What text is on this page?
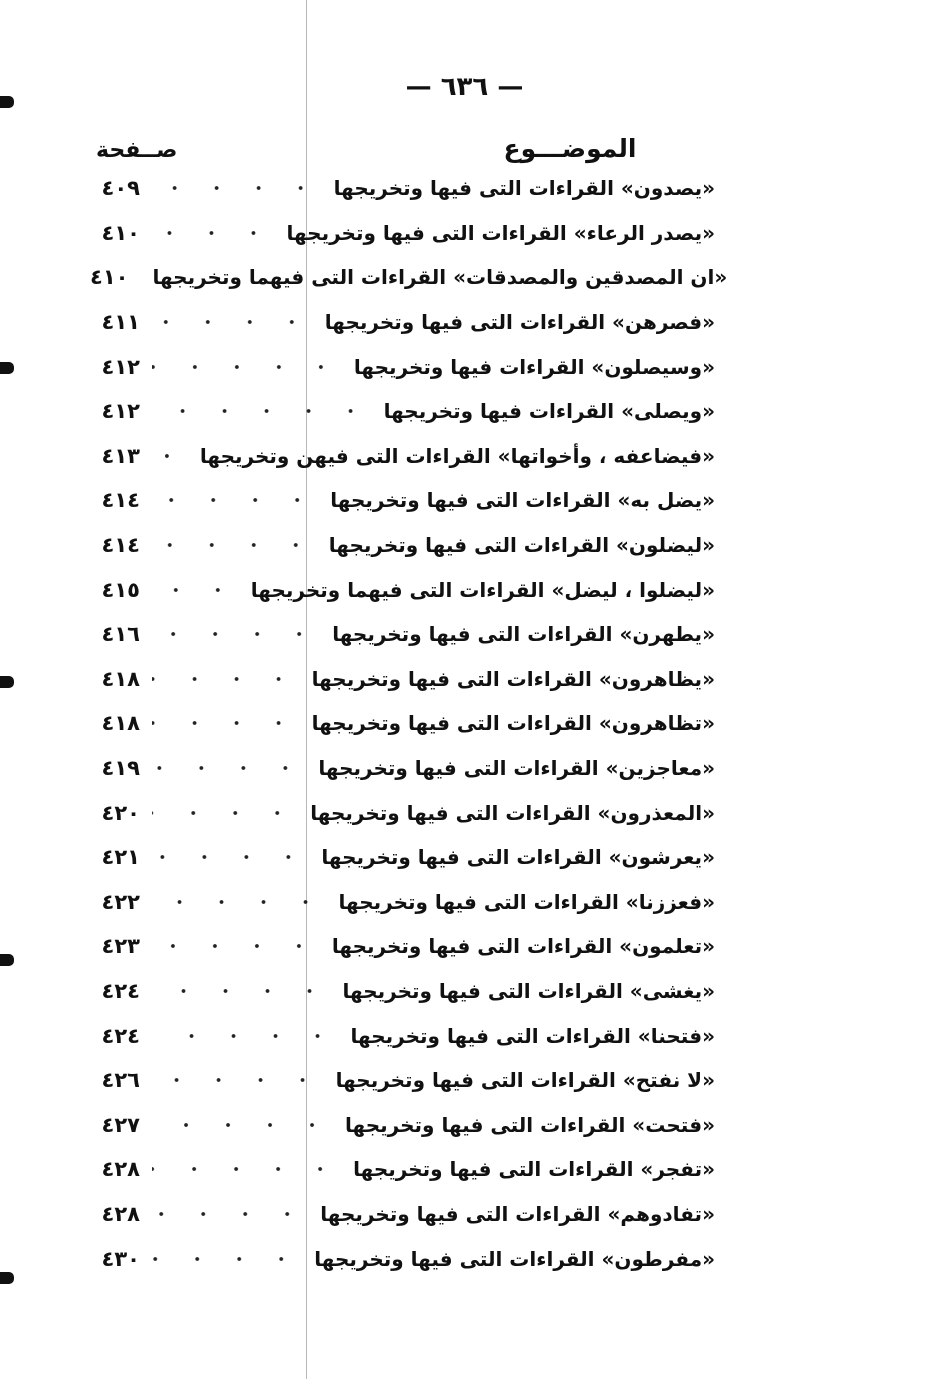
— ٦٣٦ —
الموضـــوع
صــفحة
٤٠٩	«يصدون» القراءات التى فيها وتخريجها
٤١٠	«يصدر الرعاء» القراءات التى فيها وتخريجها
٤١٠ «ان المصدقين والمصدقات» القراءات التى فيهما وتخريجها
٤١١	«فصرهن» القراءات التى فيها وتخريجها
٤١٢	«وسيصلون» القراءات فيها وتخريجها
٤١٢	«ويصلى» القراءات فيها وتخريجها
٤١٣	«فيضاعفه ، وأخواتها» القراءات التى فيهن وتخريجها
٤١٤	«يضل به» القراءات التى فيها وتخريجها
٤١٤	«ليضلون» القراءات التى فيها وتخريجها
٤١٥	«ليضلوا ، ليضل» القراءات التى فيهما وتخريجها
٤١٦	«يطهرن» القراءات التى فيها وتخريجها
٤١٨	«يظاهرون» القراءات التى فيها وتخريجها
٤١٨	«تظاهرون» القراءات التى فيها وتخريجها
٤١٩	«معاجزين» القراءات التى فيها وتخريجها
٤٢٠	«المعذرون» القراءات التى فيها وتخريجها
٤٢١	«يعرشون» القراءات التى فيها وتخريجها
٤٢٢	«فعززنا» القراءات التى فيها وتخريجها
٤٢٣	«تعلمون» القراءات التى فيها وتخريجها
٤٢٤	«يغشى» القراءات التى فيها وتخريجها
٤٢٤	«فتحنا» القراءات التى فيها وتخريجها
٤٢٦	«لا نفتح» القراءات التى فيها وتخريجها
٤٢٧	«فتحت» القراءات التى فيها وتخريجها
٤٢٨	«تفجر» القراءات التى فيها وتخريجها
٤٢٨	«تفادوهم» القراءات التى فيها وتخريجها
٤٣٠	«مفرطون» القراءات التى فيها وتخريجها
